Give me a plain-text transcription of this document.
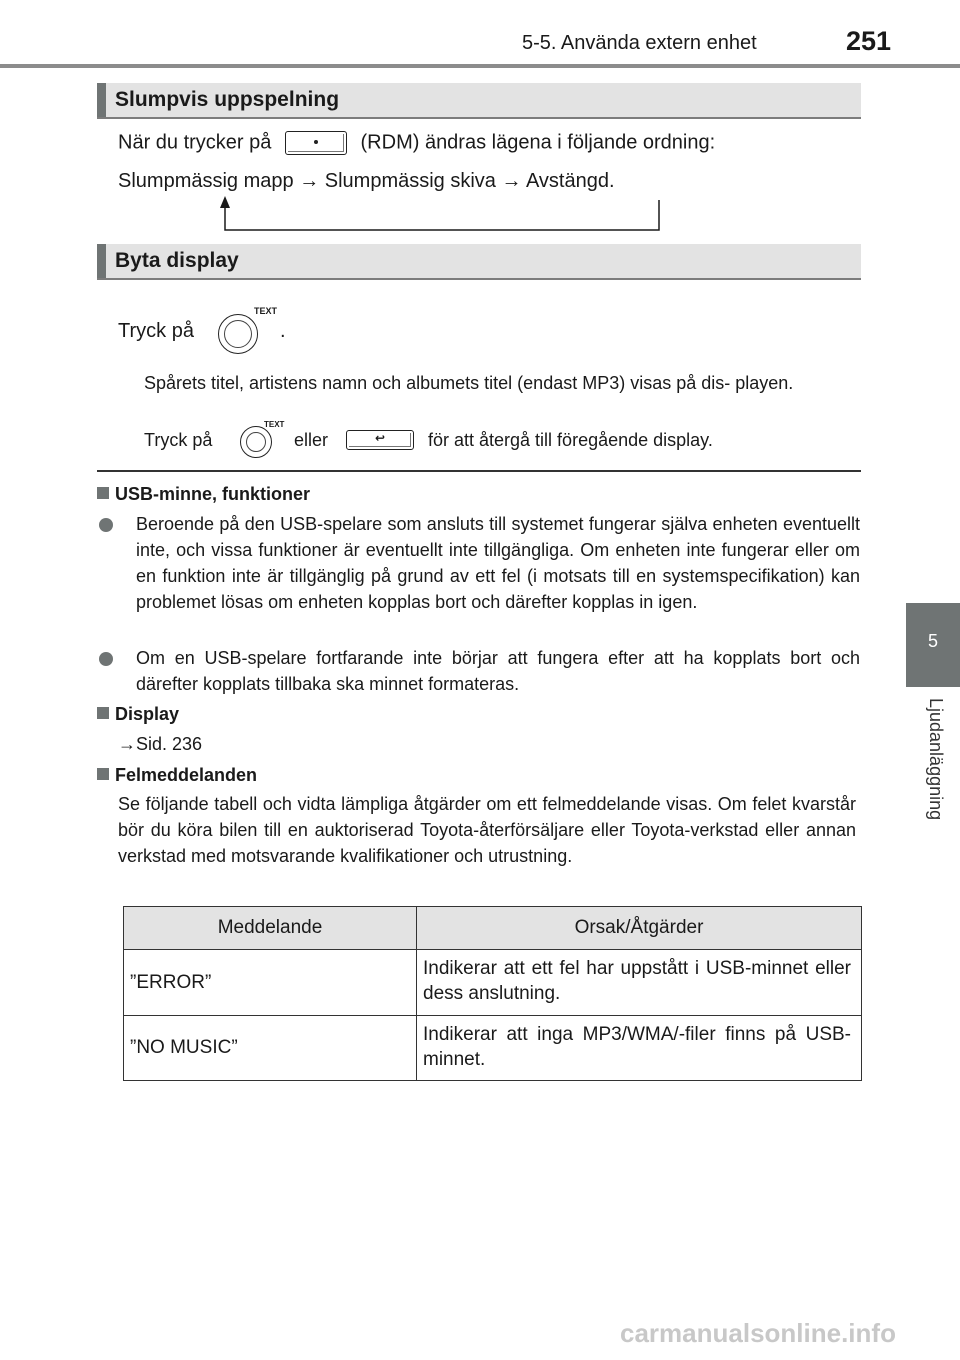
5-5. Använda extern enhet	251
5
Ljudanläggning
Slumpvis uppspelning
När du trycker på	(RDM) ändras lägena i följande ordning:
Slumpmässig mapp → Slumpmässig skiva → Avstängd.
Byta display
Tryck på
TEXT
.
Spårets titel, artistens namn och albumets titel (endast MP3) visas på dis- playen.
Tryck på
TEXT
eller	↩ för att återgå till föregående display.
USB-minne, funktioner
Beroende på den USB-spelare som ansluts till systemet fungerar själva enheten eventuellt inte, och vissa funktioner är eventuellt inte tillgängliga. Om enheten inte fungerar eller om en funktion inte är tillgänglig på grund av ett fel (i motsats till en systemspecifikation) kan problemet lösas om enheten kopplas bort och därefter kopplas in igen.
Om en USB-spelare fortfarande inte börjar att fungera efter att ha kopplats bort och därefter kopplats tillbaka ska minnet formateras.
Display
→Sid. 236
Felmeddelanden
Se följande tabell och vidta lämpliga åtgärder om ett felmeddelande visas. Om felet kvarstår bör du köra bilen till en auktoriserad Toyota-återförsäljare eller Toyota-verkstad eller annan verkstad med motsvarande kvalifikationer och utrustning.
Meddelande	Orsak/Åtgärder
”ERROR”	Indikerar att ett fel har uppstått i USB-minnet eller dess anslutning.
”NO MUSIC”	Indikerar att inga MP3/WMA/-filer finns på USB-minnet.
carmanualsonline.info
